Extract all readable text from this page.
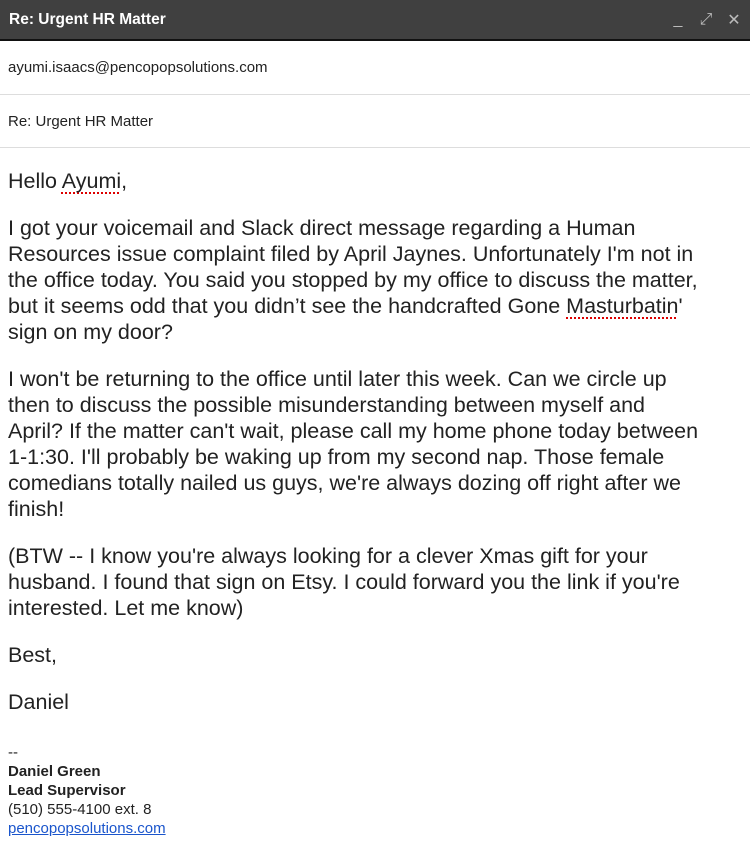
Re: Urgent HR Matter	_ ⤢ ✕
ayumi.isaacs@pencopopsolutions.com
Re: Urgent HR Matter

Hello Ayumi,

I got your voicemail and Slack direct message regarding a Human
Resources issue complaint filed by April Jaynes. Unfortunately I'm not in
the office today. You said you stopped by my office to discuss the matter,
but it seems odd that you didn’t see the handcrafted Gone Masturbatin'
sign on my door?

I won't be returning to the office until later this week. Can we circle up
then to discuss the possible misunderstanding between myself and
April? If the matter can't wait, please call my home phone today between
1-1:30. I'll probably be waking up from my second nap. Those female
comedians totally nailed us guys, we're always dozing off right after we
finish!

(BTW -- I know you're always looking for a clever Xmas gift for your
husband. I found that sign on Etsy. I could forward you the link if you're
interested. Let me know)

Best,

Daniel

--
Daniel Green
Lead Supervisor
(510) 555-4100 ext. 8
pencopopsolutions.com
